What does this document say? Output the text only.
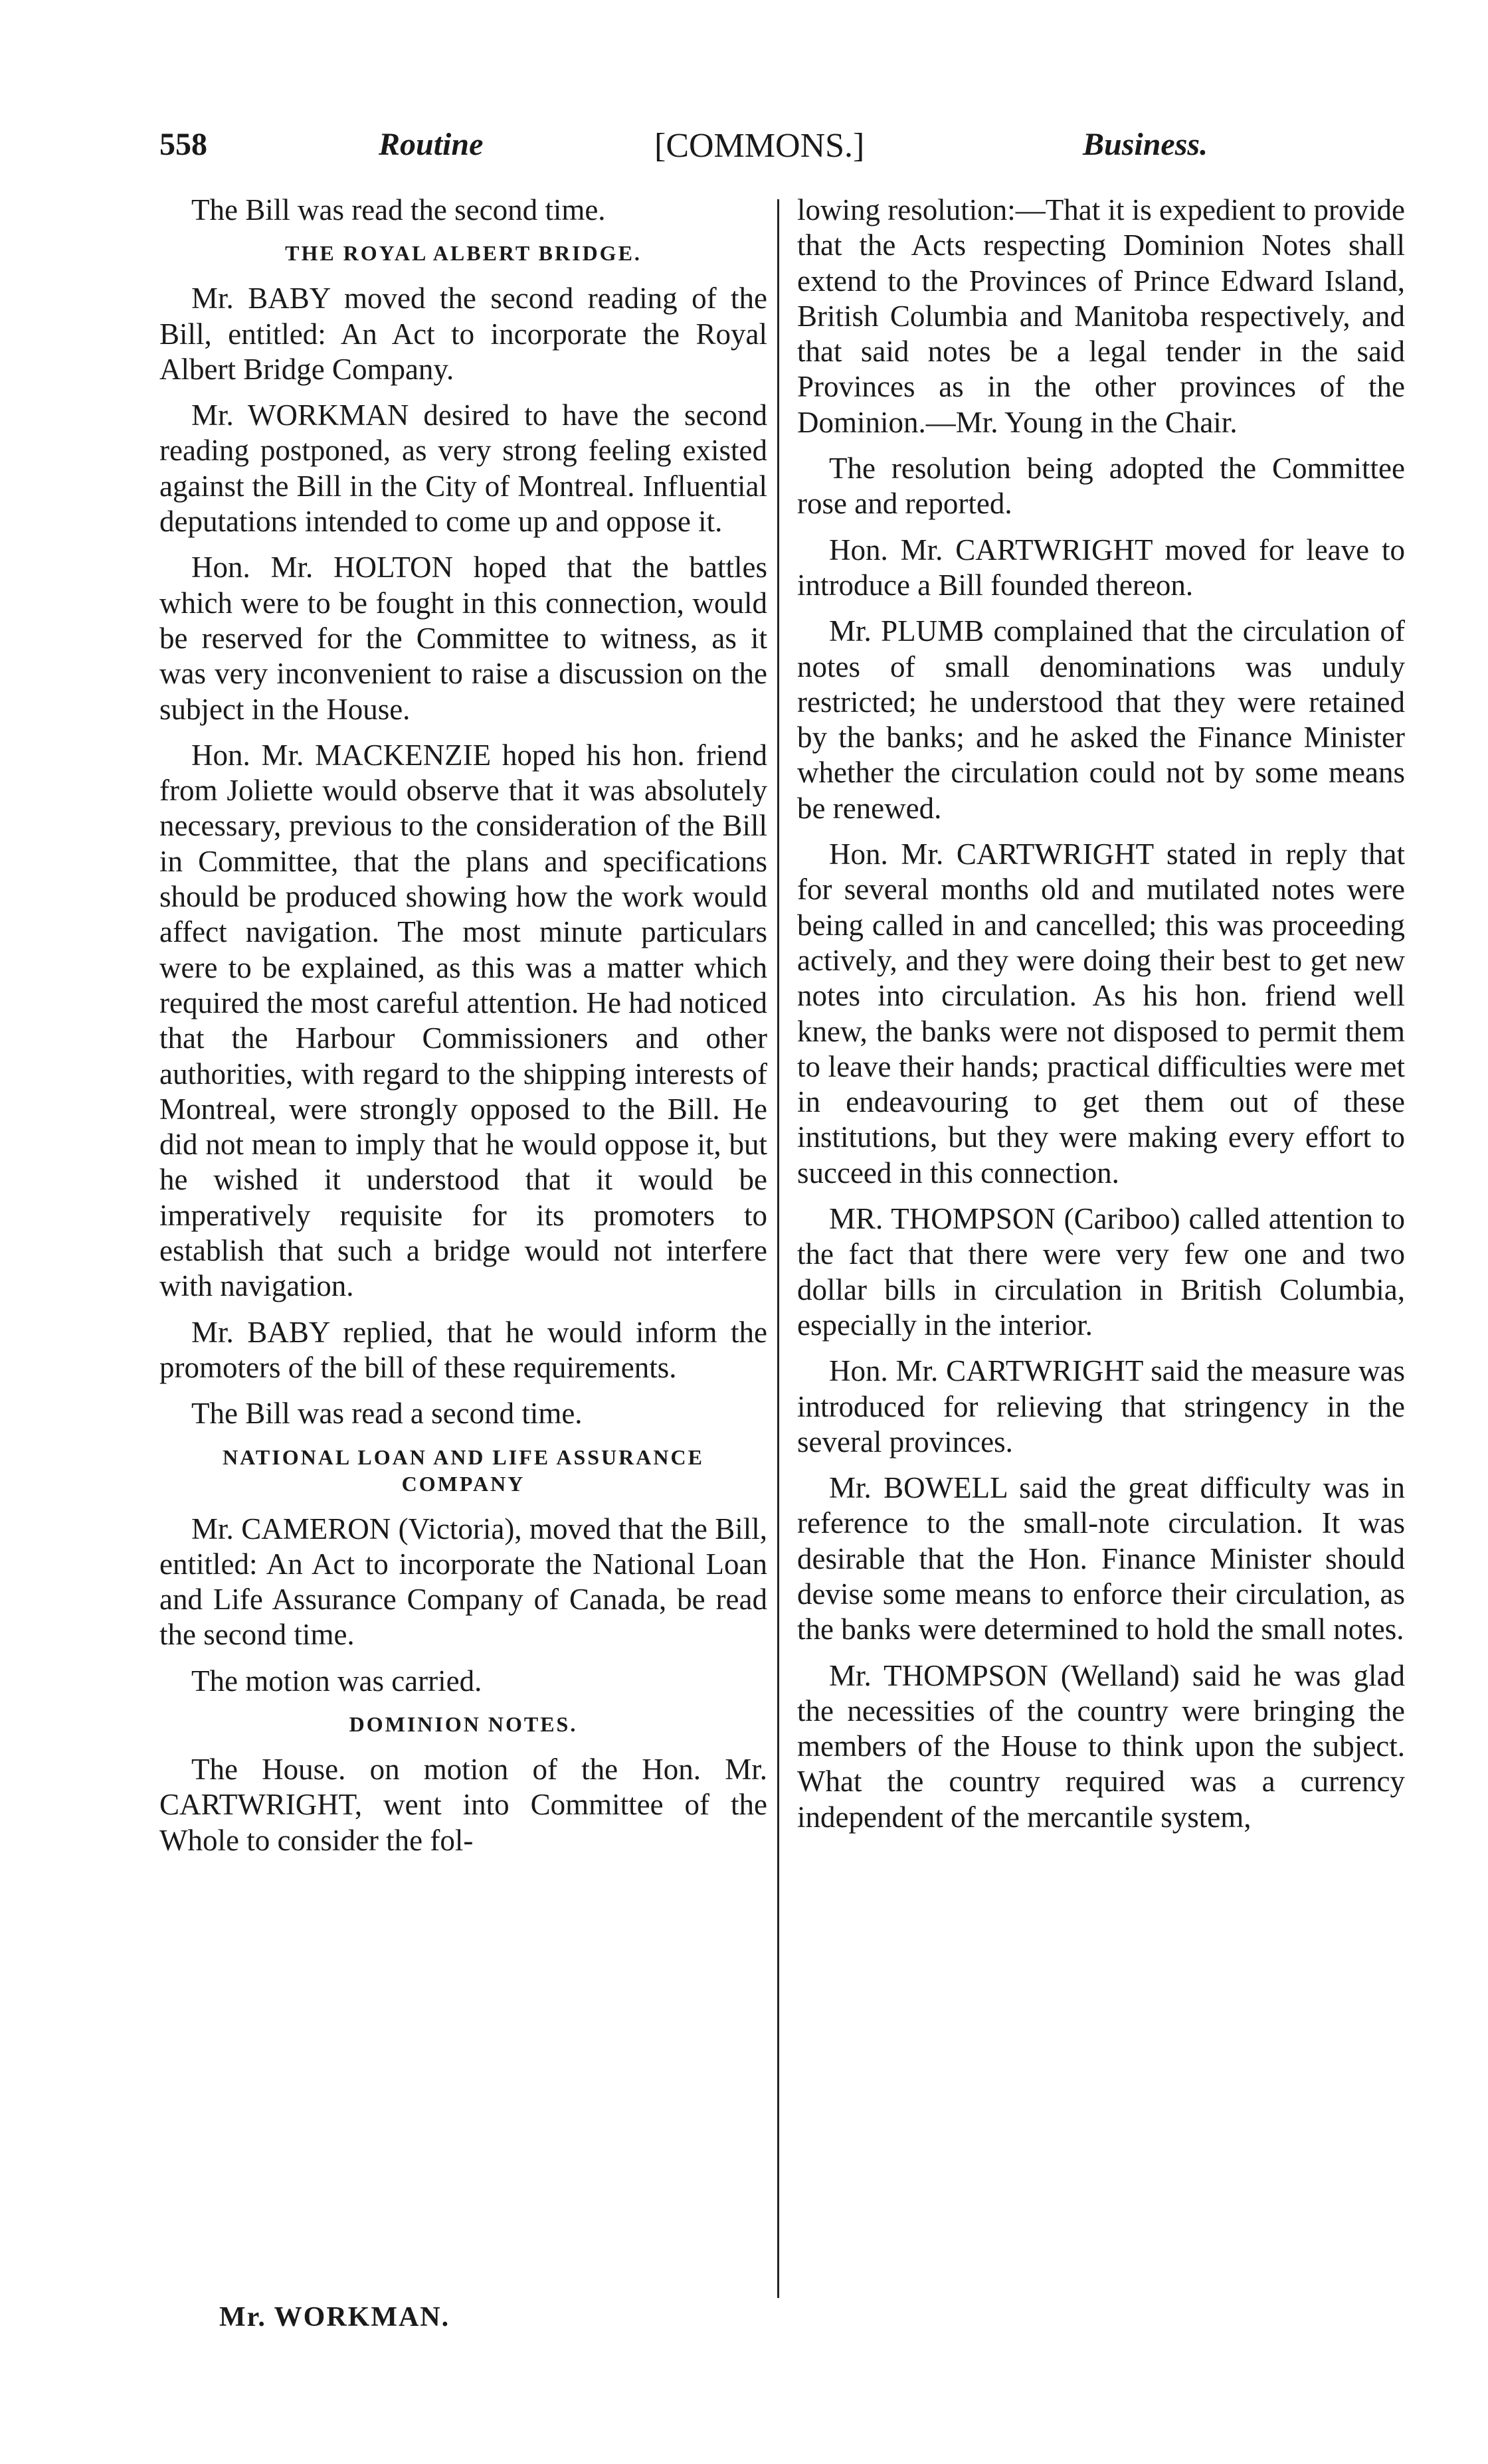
558	Routine	[COMMONS.]	Business.

The Bill was read the second time.

THE ROYAL ALBERT BRIDGE.

Mr. BABY moved the second reading of the Bill, entitled: An Act to incorporate the Royal Albert Bridge Company.

Mr. WORKMAN desired to have the second reading postponed, as very strong feeling existed against the Bill in the City of Montreal. Influential deputations intended to come up and oppose it.

Hon. Mr. HOLTON hoped that the battles which were to be fought in this connection, would be reserved for the Committee to witness, as it was very inconvenient to raise a discussion on the subject in the House.

Hon. Mr. MACKENZIE hoped his hon. friend from Joliette would observe that it was absolutely necessary, previous to the consideration of the Bill in Committee, that the plans and specifications should be produced showing how the work would affect navigation. The most minute particulars were to be explained, as this was a matter which required the most careful attention. He had noticed that the Harbour Commissioners and other authorities, with regard to the shipping interests of Montreal, were strongly opposed to the Bill. He did not mean to imply that he would oppose it, but he wished it understood that it would be imperatively requisite for its promoters to establish that such a bridge would not interfere with navigation.

Mr. BABY replied, that he would inform the promoters of the bill of these requirements.

The Bill was read a second time.

NATIONAL LOAN AND LIFE ASSURANCE COMPANY

Mr. CAMERON (Victoria), moved that the Bill, entitled: An Act to incorporate the National Loan and Life Assurance Company of Canada, be read the second time.

The motion was carried.

DOMINION NOTES.

The House. on motion of the Hon. Mr. CARTWRIGHT, went into Committee of the Whole to consider the fol-

lowing resolution:—That it is expedient to provide that the Acts respecting Dominion Notes shall extend to the Provinces of Prince Edward Island, British Columbia and Manitoba respectively, and that said notes be a legal tender in the said Provinces as in the other provinces of the Dominion.—Mr. Young in the Chair.

The resolution being adopted the Committee rose and reported.

Hon. Mr. CARTWRIGHT moved for leave to introduce a Bill founded thereon.

Mr. PLUMB complained that the circulation of notes of small denominations was unduly restricted; he understood that they were retained by the banks; and he asked the Finance Minister whether the circulation could not by some means be renewed.

Hon. Mr. CARTWRIGHT stated in reply that for several months old and mutilated notes were being called in and cancelled; this was proceeding actively, and they were doing their best to get new notes into circulation. As his hon. friend well knew, the banks were not disposed to permit them to leave their hands; practical difficulties were met in endeavouring to get them out of these institutions, but they were making every effort to succeed in this connection.

MR. THOMPSON (Cariboo) called attention to the fact that there were very few one and two dollar bills in circulation in British Columbia, especially in the interior.

Hon. Mr. CARTWRIGHT said the measure was introduced for relieving that stringency in the several provinces.

Mr. BOWELL said the great difficulty was in reference to the small-note circulation. It was desirable that the Hon. Finance Minister should devise some means to enforce their circulation, as the banks were determined to hold the small notes.

Mr. THOMPSON (Welland) said he was glad the necessities of the country were bringing the members of the House to think upon the subject. What the country required was a currency independent of the mercantile system,

Mr. WORKMAN.
